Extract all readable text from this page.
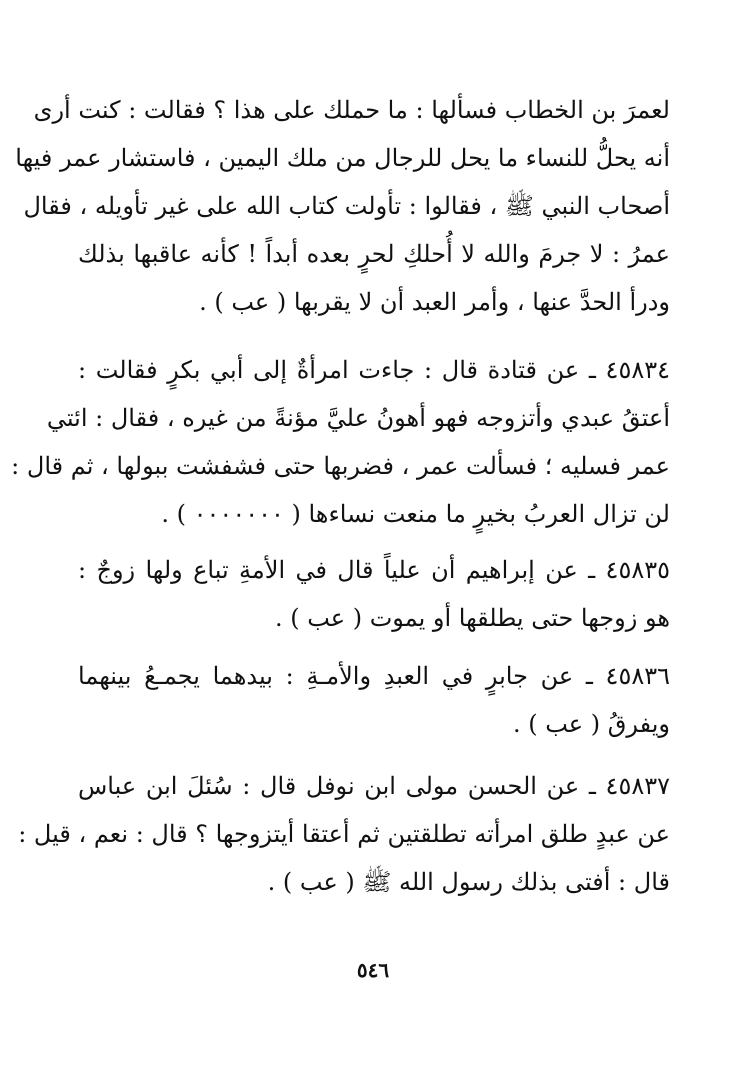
لعمرَ بن الخطاب فسألها : ما حملك على هذا ؟ فقالت : كنت أرى
أنه يحلُّ للنساء ما يحل للرجال من ملك اليمين ، فاستشار عمر فيها
أصحاب النبي ﷺ ، فقالوا : تأولت كتاب الله على غير تأويله ، فقال
عمرُ : لا جرمَ والله لا أُحلكِ لحرٍ بعده أبداً ! كأنه عاقبها بذلك
ودرأ الحدَّ عنها ، وأمر العبد أن لا يقربها ( عب ) .
٤٥٨٣٤ ـ عن قتادة قال : جاءت امرأةٌ إلى أبي بكرٍ فقالت :
أعتقُ عبدي وأتزوجه فهو أهونُ عليَّ مؤنةً من غيره ، فقال : ائتي
عمر فسليه ؛ فسألت عمر ، فضربها حتى فشفشت ببولها ، ثم قال :
لن تزال العربُ بخيرٍ ما منعت نساءها ( ٠٠٠٠٠٠٠ ) .
٤٥٨٣٥ ـ عن إبراهيم أن علياً قال في الأمةِ تباع ولها زوجٌ :
هو زوجها حتى يطلقها أو يموت ( عب ) .
٤٥٨٣٦ ـ عن جابرٍ في العبدِ والأمـةِ : بيدهما يجمـعُ بينهما
ويفرقُ ( عب ) .
٤٥٨٣٧ ـ عن الحسن مولى ابن نوفل قال : سُئلَ ابن عباس
عن عبدٍ طلق امرأته تطلقتين ثم أعتقا أيتزوجها ؟ قال : نعم ، قيل :
قال : أفتى بذلك رسول الله ﷺ ( عب ) .
٥٤٦
